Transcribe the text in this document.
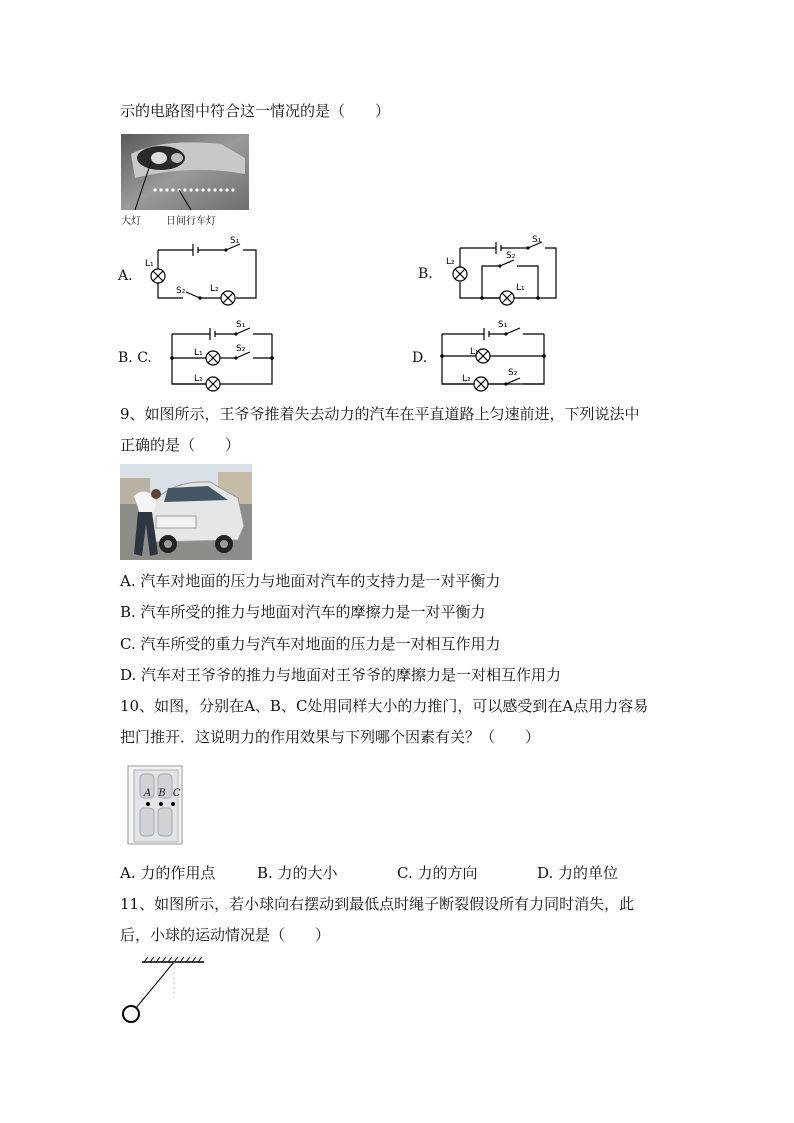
示的电路图中符合这一情况的是（　　）
大灯	日间行车灯
A.
S₁
S₂
L₁
L₂
B.
S₁
S₂
L₂
L₁
B. C.
S₁
S₂
L₁
L₂
D.
S₁
S₂
L₁
L₂
9、如图所示，王爷爷推着失去动力的汽车在平直道路上匀速前进，下列说法中
正确的是（　　）
A. 汽车对地面的压力与地面对汽车的支持力是一对平衡力
B. 汽车所受的推力与地面对汽车的摩擦力是一对平衡力
C. 汽车所受的重力与汽车对地面的压力是一对相互作用力
D. 汽车对王爷爷的推力与地面对王爷爷的摩擦力是一对相互作用力
10、如图，分别在A、B、C处用同样大小的力推门，可以感受到在A点用力容易
把门推开．这说明力的作用效果与下列哪个因素有关？（　　）
A B C
A. 力的作用点	B. 力的大小	C. 力的方向	D. 力的单位
11、如图所示，若小球向右摆动到最低点时绳子断裂假设所有力同时消失，此
后，小球的运动情况是（　　）
